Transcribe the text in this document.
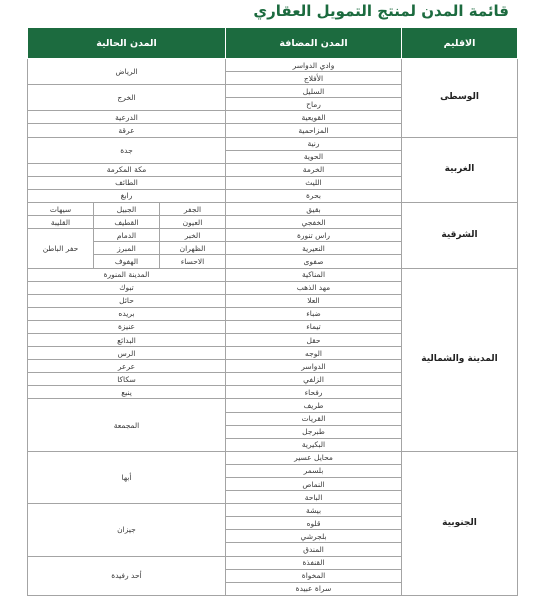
قائمة المدن لمنتج التمويل العقاري
الاقليم	المدن المضافة	المدن الحالية		
الوسطى	وادي الدواسر	الرياض		
	الأفلاج			
	السليل	الخرج		
	رماح			
	القويعية	الدرعية		
	المزاحمية	عرقة		
الغربية	رنية	جدة		
	الحوية			
	الخرمة	مكة المكرمة		
	الليث	الطائف		
	بحرة	رابغ		
الشرقية	بقيق	الجفر	الجبيل	سيهات
	الخفجي	العيون	القطيف	القليبة
	راس تنورة	الخبر	الدمام	حفر الباطن
	النعيرية	الظهران	المبرز	
	صفوى	الاحساء	الهفوف	
المدينة والشمالية	المناكية	المدينة المنورة		
	مهد الذهب	تبوك		
	العلا	حائل		
	ضباء	بريده		
	تيماء	عنيزة		
	حقل	البدائع		
	الوجه	الرس		
	الدواسر	عرعر		
	الزلفي	سكاكا		
	رفحاء	ينبع		
	طريف	المجمعة		
	القريات			
	طبرجل			
	البكيرية			
الجنوبية	محايل عسير	أبها		
	بلسمر			
	النماص			
	الباحة			
	بيشة	جيزان		
	قلوه			
	بلجرشي			
	المندق			
	القنفذة	أحد رفيدة		
	المخواة			
	سراة عبيدة			
